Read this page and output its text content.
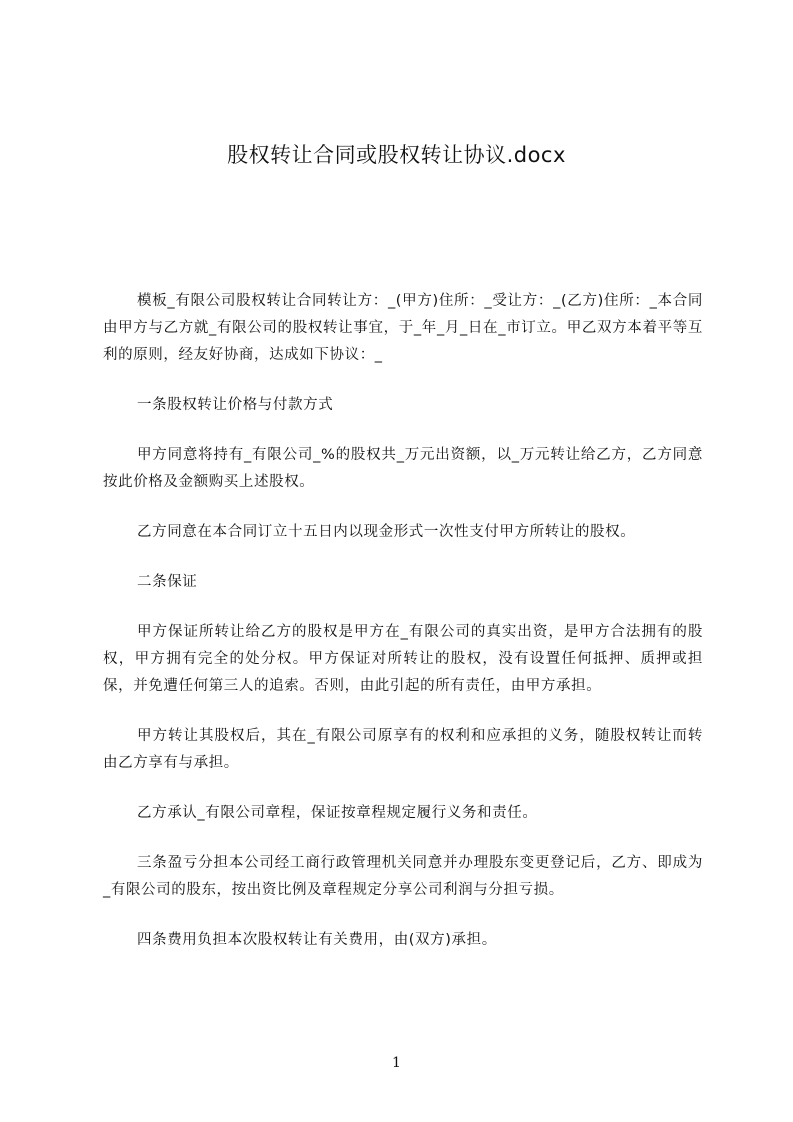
股权转让合同或股权转让协议.docx

模板_有限公司股权转让合同转让方：_(甲方)住所：_受让方：_(乙方)住所：_本合同由甲方与乙方就_有限公司的股权转让事宜，于_年_月_日在_市订立。甲乙双方本着平等互利的原则，经友好协商，达成如下协议：_

一条股权转让价格与付款方式

甲方同意将持有_有限公司_%的股权共_万元出资额，以_万元转让给乙方，乙方同意按此价格及金额购买上述股权。

乙方同意在本合同订立十五日内以现金形式一次性支付甲方所转让的股权。

二条保证

甲方保证所转让给乙方的股权是甲方在_有限公司的真实出资，是甲方合法拥有的股权，甲方拥有完全的处分权。甲方保证对所转让的股权，没有设置任何抵押、质押或担保，并免遭任何第三人的追索。否则，由此引起的所有责任，由甲方承担。

甲方转让其股权后，其在_有限公司原享有的权利和应承担的义务，随股权转让而转由乙方享有与承担。

乙方承认_有限公司章程，保证按章程规定履行义务和责任。

三条盈亏分担本公司经工商行政管理机关同意并办理股东变更登记后，乙方、即成为_有限公司的股东，按出资比例及章程规定分享公司利润与分担亏损。

四条费用负担本次股权转让有关费用，由(双方)承担。

1
